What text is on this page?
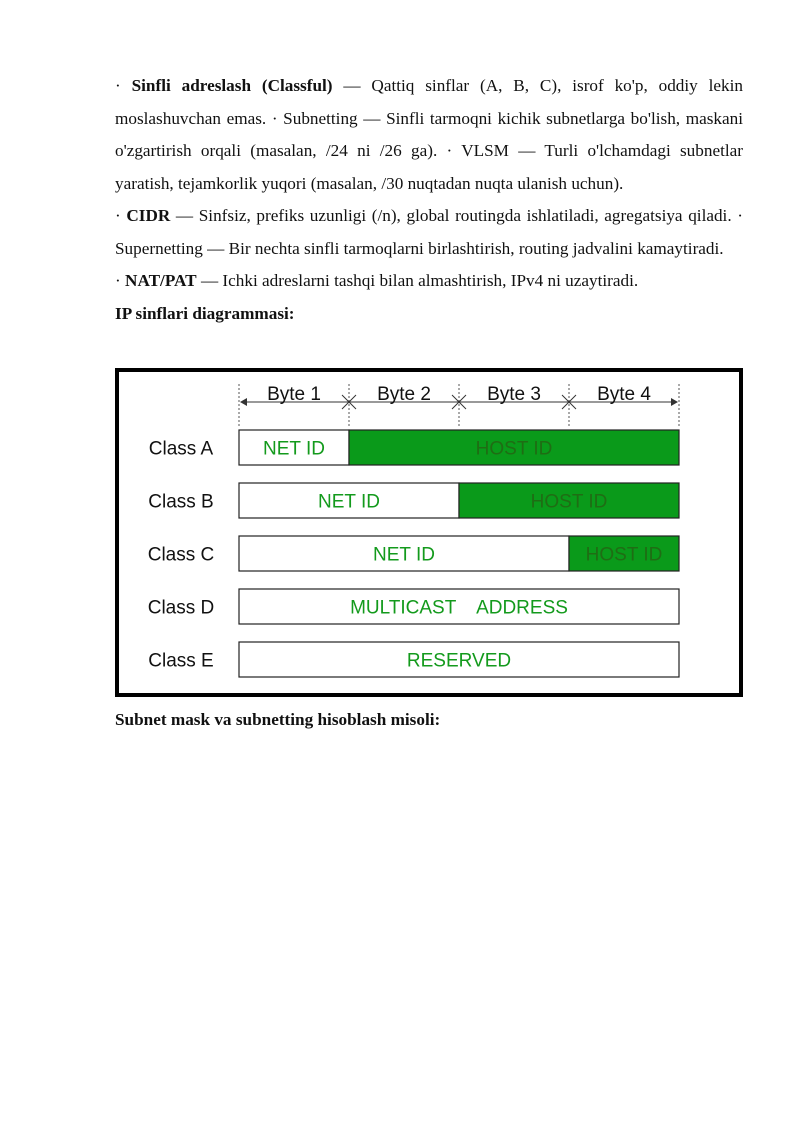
· Sinfli adreslash (Classful) — Qattiq sinflar (A, B, C), isrof ko'p, oddiy lekin moslashuvchan emas. · Subnetting — Sinfli tarmoqni kichik subnetlarga bo'lish, maskani o'zgartirish orqali (masalan, /24 ni /26 ga). · VLSM — Turli o'lchamdagi subnetlar yaratish, tejamkorlik yuqori (masalan, /30 nuqtadan nuqta ulanish uchun).

· CIDR — Sinfsiz, prefiks uzunligi (/n), global routingda ishlatiladi, agregatsiya qiladi. · Supernetting — Bir nechta sinfli tarmoqlarni birlashtirish, routing jadvalini kamaytiradi.

· NAT/PAT — Ichki adreslarni tashqi bilan almashtirish, IPv4 ni uzaytiradi.

IP sinflari diagrammasi:

Byte 1	Byte 2	Byte 3	Byte 4
Class A	NET ID	HOST ID
Class B	NET ID	HOST ID
Class C	NET ID	HOST ID
Class D	MULTICAST    ADDRESS
Class E	RESERVED
Subnet mask va subnetting hisoblash misoli:
